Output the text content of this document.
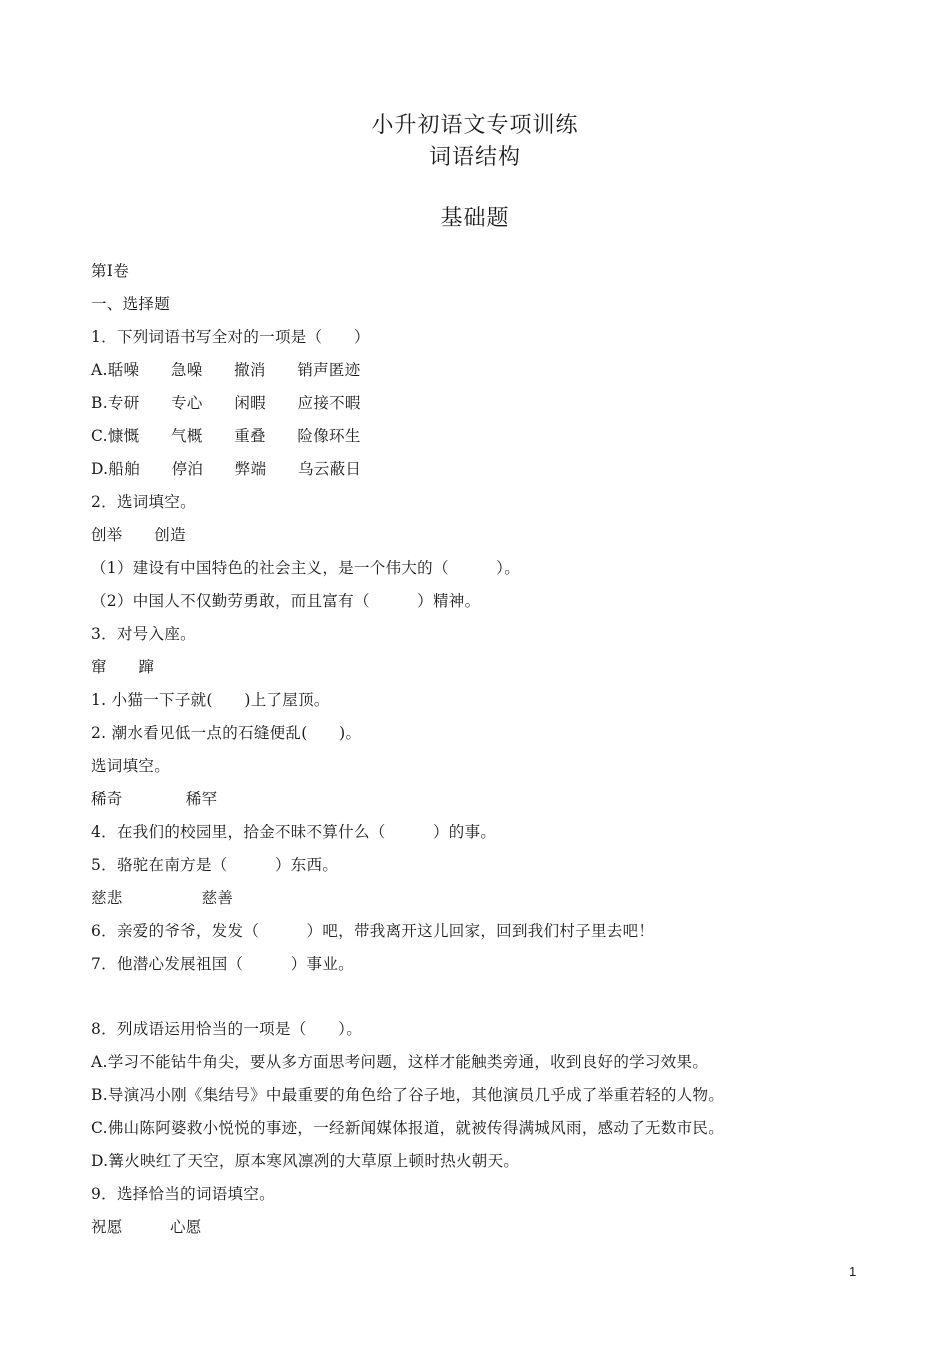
小升初语文专项训练
词语结构
基础题
第Ⅰ卷
一、选择题
1．下列词语书写全对的一项是（　　）
A.聒噪　　急噪　　撤消　　销声匿迹
B.专研　　专心　　闲暇　　应接不暇
C.慷慨　　气概　　重叠　　险像环生
D.船舶　　停泊　　弊端　　乌云蔽日
2．选词填空。
创举　　创造
（1）建设有中国特色的社会主义，是一个伟大的（　　　）。
（2）中国人不仅勤劳勇敢，而且富有（　　　）精神。
3．对号入座。
窜　　蹿
1. 小猫一下子就(　　)上了屋顶。
2. 潮水看见低一点的石缝便乱(　　)。
选词填空。
稀奇　　　　稀罕
4．在我们的校园里，拾金不昧不算什么（　　　）的事。
5．骆驼在南方是（　　　）东西。
慈悲　　　　　慈善
6．亲爱的爷爷，发发（　　　）吧，带我离开这儿回家，回到我们村子里去吧！
7．他潜心发展祖国（　　　）事业。
8．列成语运用恰当的一项是（　　）。
A.学习不能钻牛角尖，要从多方面思考问题，这样才能触类旁通，收到良好的学习效果。
B.导演冯小刚《集结号》中最重要的角色给了谷子地，其他演员几乎成了举重若轻的人物。
C.佛山陈阿婆救小悦悦的事迹，一经新闻媒体报道，就被传得满城风雨，感动了无数市民。
D.篝火映红了天空，原本寒风凛冽的大草原上顿时热火朝天。
9．选择恰当的词语填空。
祝愿　　　心愿
1
